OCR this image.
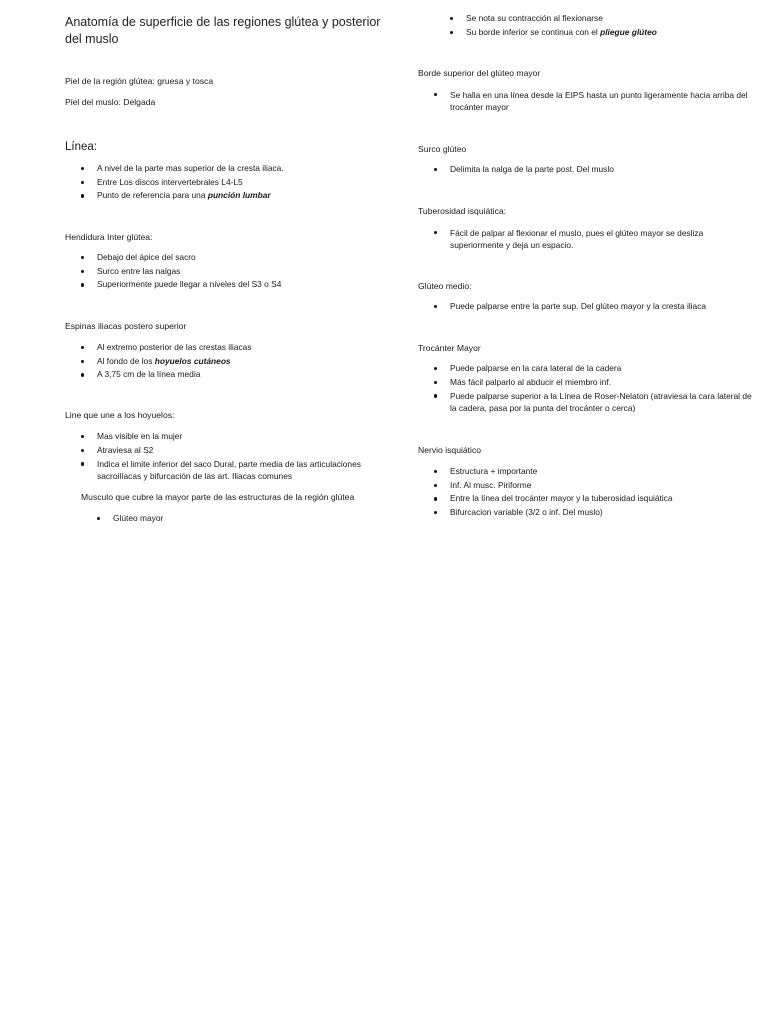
Anatomía de superficie de las regiones glútea y posterior del muslo
Piel de la región glútea: gruesa y tosca
Piel del muslo: Delgada
Línea:
A nivel de la parte mas superior de la cresta iliaca.
Entre Los discos intervertebrales L4-L5
Punto de referencia para una punción lumbar
Hendidura Inter glútea:
Debajo del ápice del sacro
Surco entre las nalgas
Superiormente puede llegar a niveles del S3 o S4
Espinas iliacas postero superior
Al extremo posterior de las crestas iliacas
Al fondo de los hoyuelos cutáneos
A 3,75 cm de la línea media
Line que une a los hoyuelos:
Mas visible en la mujer
Atraviesa al S2
Indica el limite inferior del saco Dural, parte media de las articulaciones sacroilíacas y bifurcación de las art. Iliacas comunes
Musculo que cubre la mayor parte de las estructuras de la región glútea
Glúteo mayor
Se nota su contracción al flexionarse
Su borde inferior se continua con el pliegue glúteo
Borde superior del glúteo mayor
Se halla en una línea desde la EIPS hasta un punto ligeramente hacia arriba del trocánter mayor
Surco glúteo
Delimita la nalga de la parte post. Del muslo
Tuberosidad isquiática:
Fácil de palpar al flexionar el muslo, pues el glúteo mayor se desliza superiormente y deja un espacio.
Glúteo medio:
Puede palparse entre la parte sup. Del glúteo mayor y la cresta iliaca
Trocánter Mayor
Puede palparse en la cara lateral de la cadera
Más fácil palparlo al abducir el miembro inf.
Puede palparse superior a la Línea de Roser-Nelaton (atraviesa la cara lateral de la cadera, pasa por la punta del trocánter o cerca)
Nervio isquiático
Estructura + importante
Inf. Al musc. Piriforme
Entre la línea del trocánter mayor y la tuberosidad isquiática
Bifurcacion variable (3/2 o inf. Del muslo)
